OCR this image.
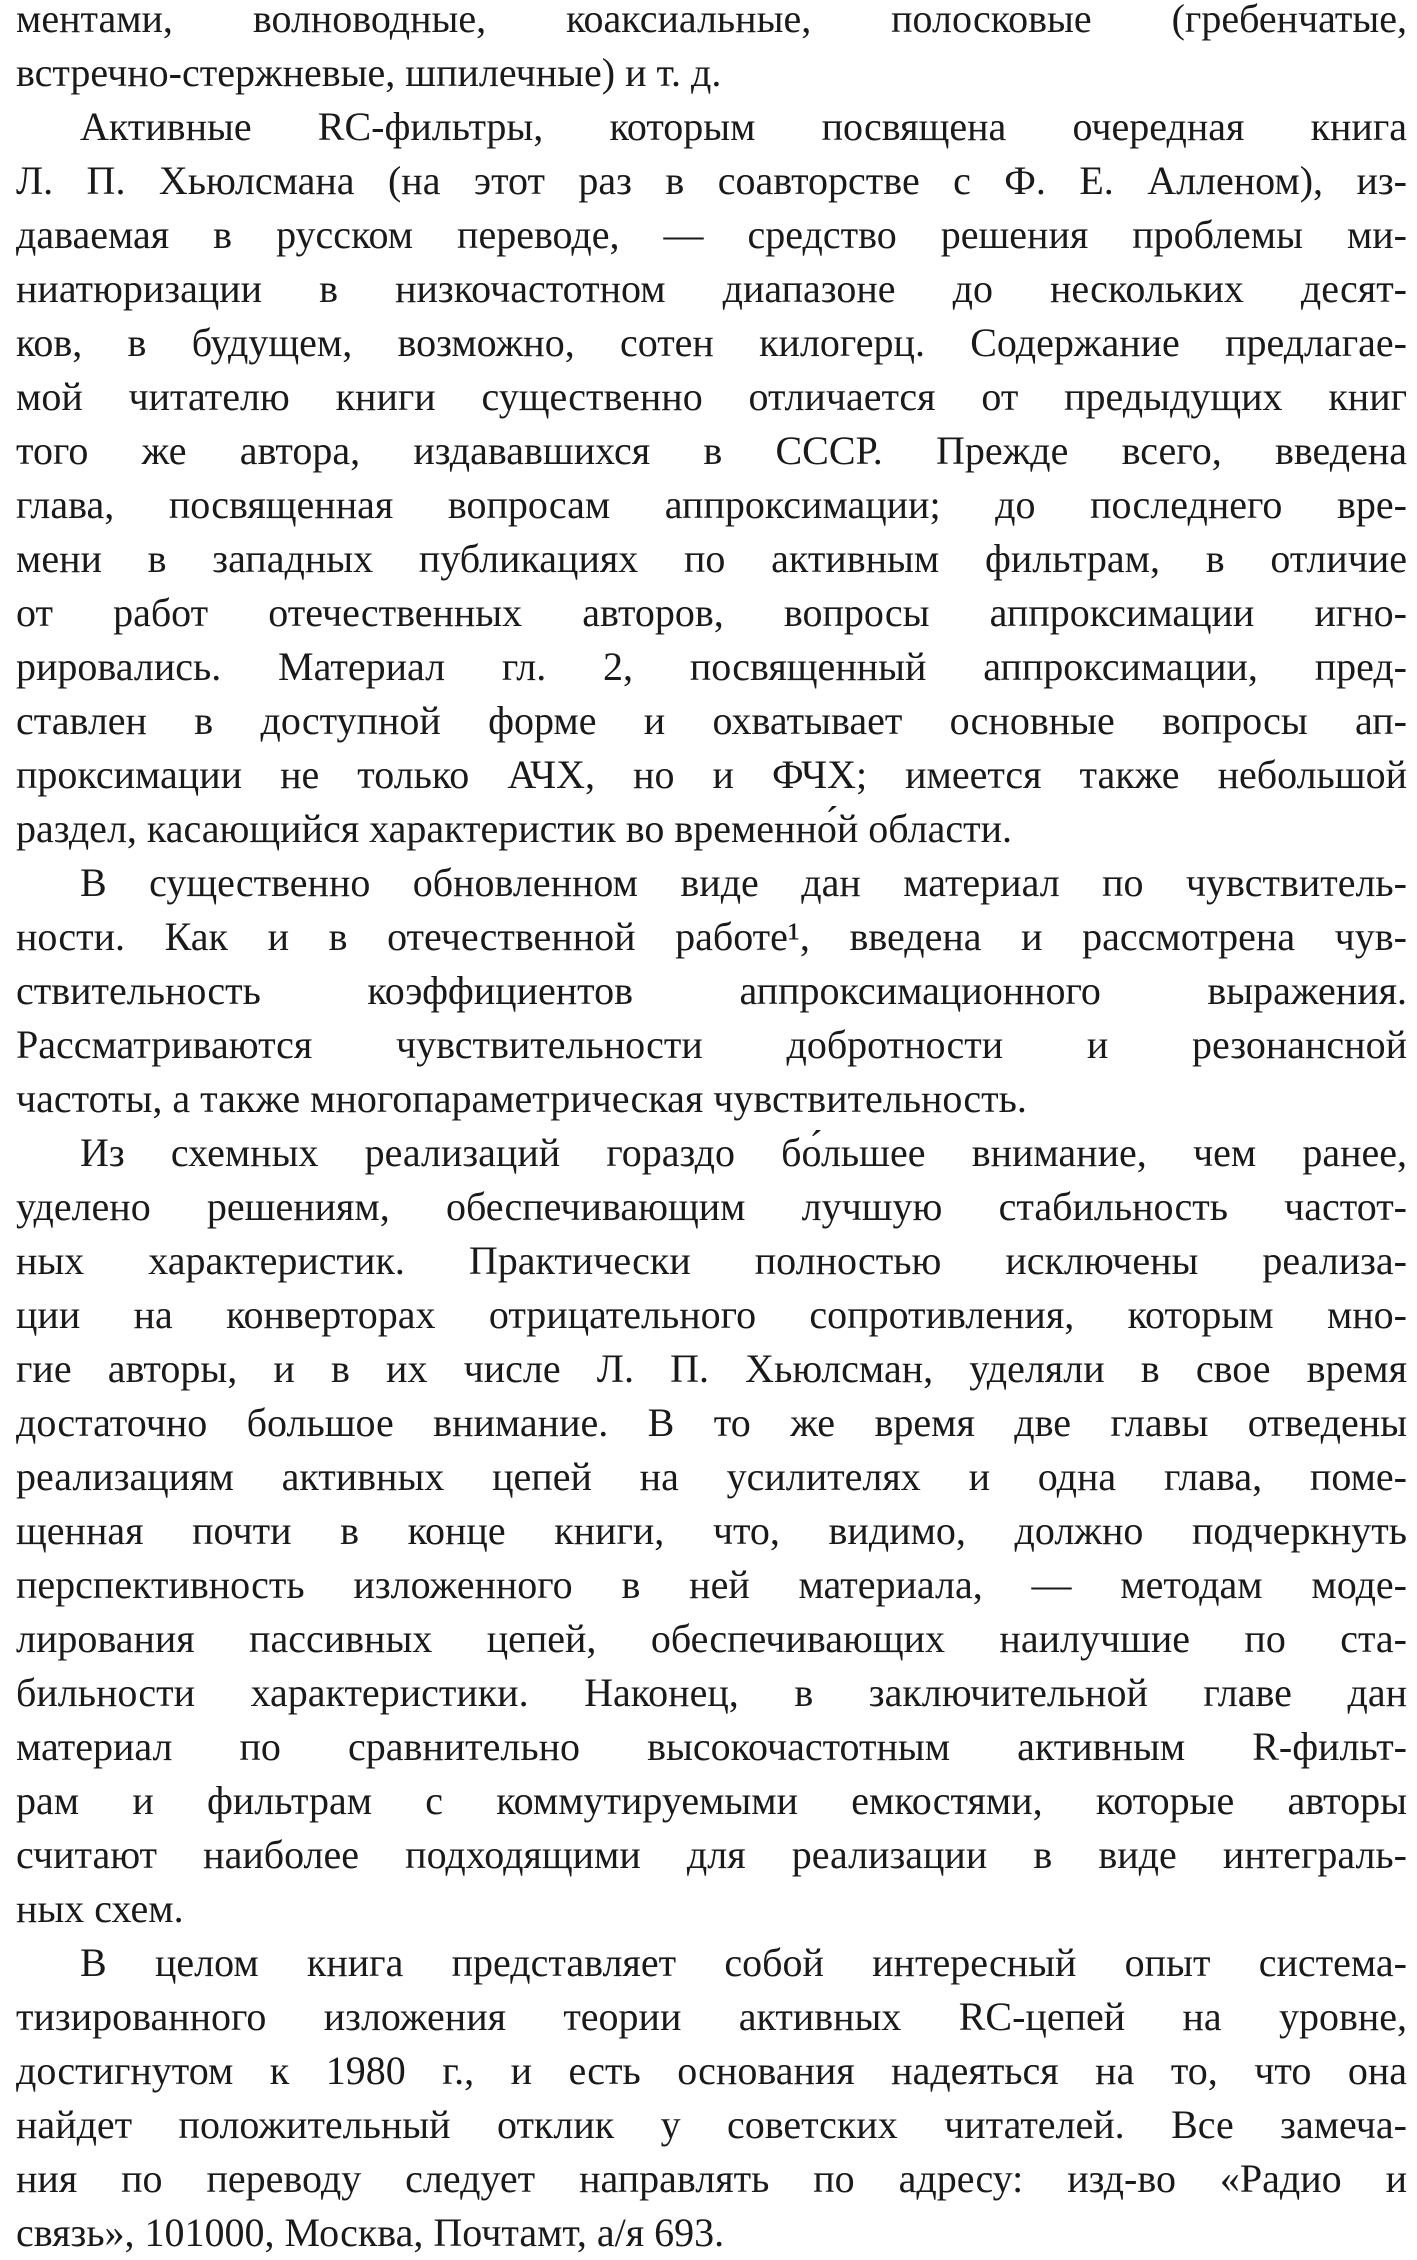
ментами, волноводные, коаксиальные, полосковые (гребенчатые,
встречно-стержневые, шпилечные) и т. д.
Активные RC-фильтры, которым посвящена очередная книга
Л. П. Хьюлсмана (на этот раз в соавторстве с Ф. Е. Алленом), из-
даваемая в русском переводе, — средство решения проблемы ми-
ниатюризации в низкочастотном диапазоне до нескольких десят-
ков, в будущем, возможно, сотен килогерц. Содержание предлагае-
мой читателю книги существенно отличается от предыдущих книг
того же автора, издававшихся в СССР. Прежде всего, введена
глава, посвященная вопросам аппроксимации; до последнего вре-
мени в западных публикациях по активным фильтрам, в отличие
от работ отечественных авторов, вопросы аппроксимации игно-
рировались. Материал гл. 2, посвященный аппроксимации, пред-
ставлен в доступной форме и охватывает основные вопросы ап-
проксимации не только АЧХ, но и ФЧХ; имеется также небольшой
раздел, касающийся характеристик во временно́й области.
В существенно обновленном виде дан материал по чувствитель-
ности. Как и в отечественной работе¹, введена и рассмотрена чув-
ствительность коэффициентов аппроксимационного выражения.
Рассматриваются чувствительности добротности и резонансной
частоты, а также многопараметрическая чувствительность.
Из схемных реализаций гораздо бо́льшее внимание, чем ранее,
уделено решениям, обеспечивающим лучшую стабильность частот-
ных характеристик. Практически полностью исключены реализа-
ции на конверторах отрицательного сопротивления, которым мно-
гие авторы, и в их числе Л. П. Хьюлсман, уделяли в свое время
достаточно большое внимание. В то же время две главы отведены
реализациям активных цепей на усилителях и одна глава, поме-
щенная почти в конце книги, что, видимо, должно подчеркнуть
перспективность изложенного в ней материала, — методам моде-
лирования пассивных цепей, обеспечивающих наилучшие по ста-
бильности характеристики. Наконец, в заключительной главе дан
материал по сравнительно высокочастотным активным R-фильт-
рам и фильтрам с коммутируемыми емкостями, которые авторы
считают наиболее подходящими для реализации в виде интеграль-
ных схем.
В целом книга представляет собой интересный опыт система-
тизированного изложения теории активных RC-цепей на уровне,
достигнутом к 1980 г., и есть основания надеяться на то, что она
найдет положительный отклик у советских читателей. Все замеча-
ния по переводу следует направлять по адресу: изд-во «Радио и
связь», 101000, Москва, Почтамт, а/я 693.
